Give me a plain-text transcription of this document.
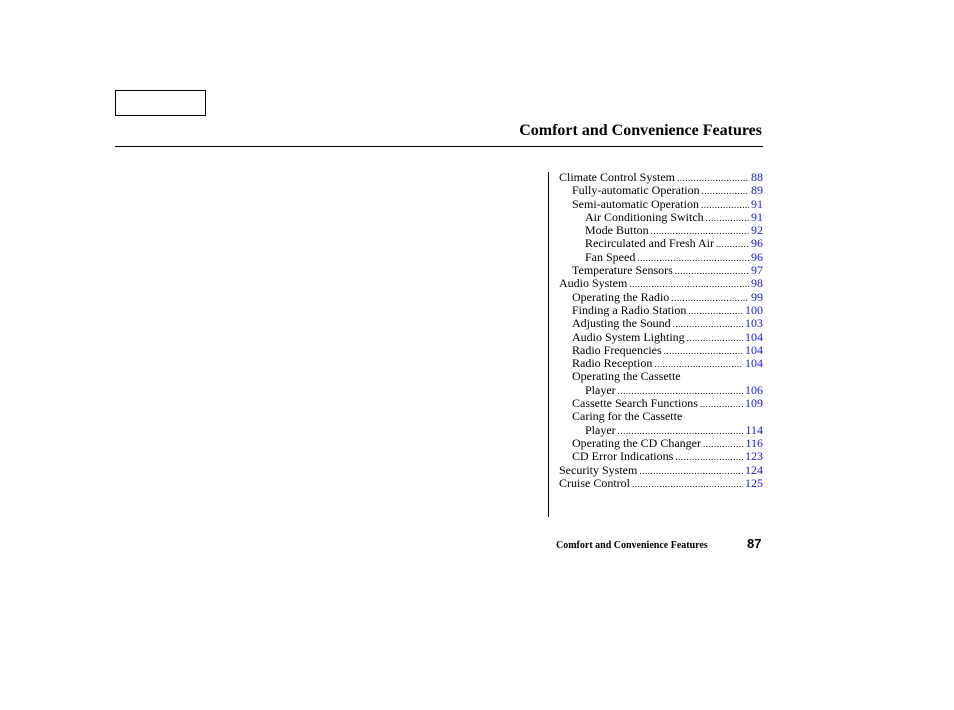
Comfort and Convenience Features
Climate Control System .....	88
Fully-automatic Operation .....	89
Semi-automatic Operation .....	91
Air Conditioning Switch .....	91
Mode Button .....	92
Recirculated and Fresh Air .....	96
Fan Speed .....	96
Temperature Sensors .....	97
Audio System .....	98
Operating the Radio .....	99
Finding a Radio Station .....	100
Adjusting the Sound .....	103
Audio System Lighting .....	104
Radio Frequencies .....	104
Radio Reception .....	104
Operating the Cassette
Player .....	106
Cassette Search Functions .....	109
Caring for the Cassette
Player .....	114
Operating the CD Changer .....	116
CD Error Indications .....	123
Security System .....	124
Cruise Control .....	125
Comfort and Convenience Features	87
